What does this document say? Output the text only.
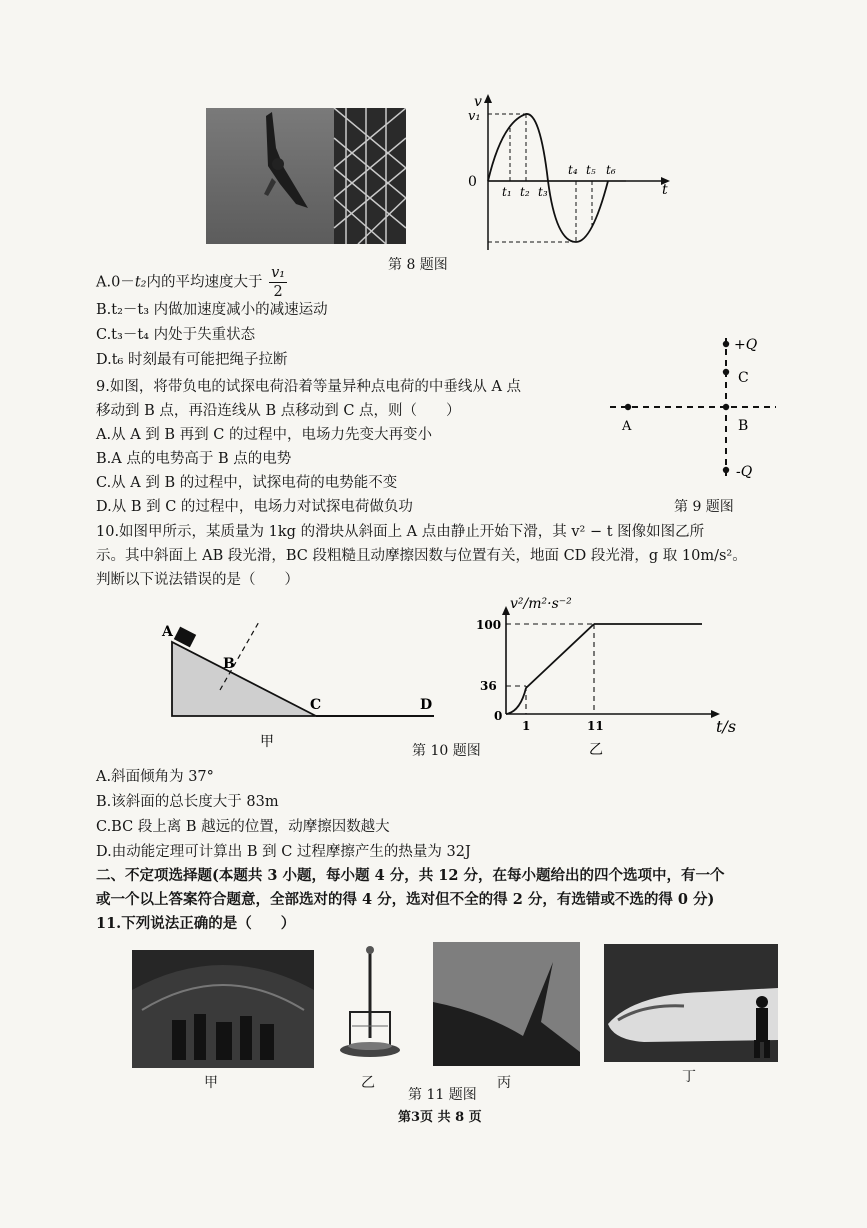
v
v₁
0	t
t₁ t₂ t₃
t₄ t₅ t₆
第 8 题图
A.0－t₂内的平均速度大于 $\frac{\text{v₁}}{2}$
B.t₂－t₃ 内做加速度减小的减速运动
C.t₃－t₄ 内处于失重状态
D.t₆ 时刻最有可能把绳子拉断
9.如图，将带负电的试探电荷沿着等量异种点电荷的中垂线从 A 点
移动到 B 点，再沿连线从 B 点移动到 C 点，则（　　）
A.从 A 到 B 再到 C 的过程中，电场力先变大再变小
B.A 点的电势高于 B 点的电势
C.从 A 到 B 的过程中，试探电荷的电势能不变
D.从 B 到 C 的过程中，电场力对试探电荷做负功
+Q
C
A	B
-Q
第 9 题图
10.如图甲所示，某质量为 1kg 的滑块从斜面上 A 点由静止开始下滑，其 v² − t 图像如图乙所
示。其中斜面上 AB 段光滑，BC 段粗糙且动摩擦因数与位置有关，地面 CD 段光滑，g 取 10m/s²。
判断以下说法错误的是（　　）
A
B
C	D
甲
v²/m²·s⁻²
100
36
0
1	11	t/s
乙
第 10 题图
A.斜面倾角为 37°
B.该斜面的总长度大于 83m
C.BC 段上离 B 越远的位置，动摩擦因数越大
D.由动能定理可计算出 B 到 C 过程摩擦产生的热量为 32J
二、不定项选择题(本题共 3 小题，每小题 4 分，共 12 分，在每小题给出的四个选项中，有一个
或一个以上答案符合题意，全部选对的得 4 分，选对但不全的得 2 分，有选错或不选的得 0 分)
11.下列说法正确的是（　　）
甲	乙	丙	丁
第 11 题图
第3页 共 8 页
